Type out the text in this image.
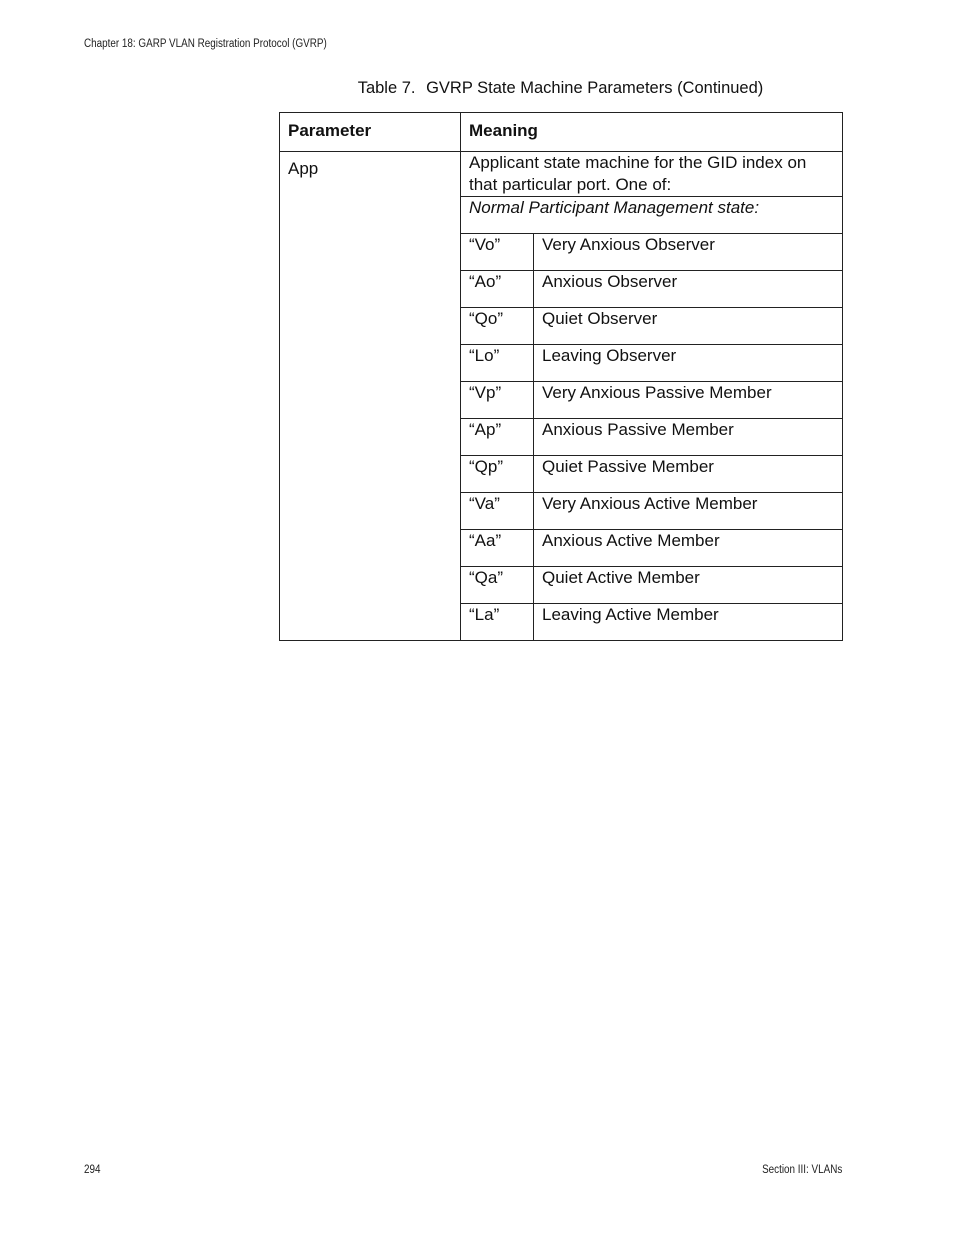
Chapter 18: GARP VLAN Registration Protocol (GVRP)
Table 7. GVRP State Machine Parameters (Continued)
Parameter	Meaning	
App	Applicant state machine for the GID index on that particular port. One of:	
	Normal Participant Management state:	
	“Vo”	Very Anxious Observer
	“Ao”	Anxious Observer
	“Qo”	Quiet Observer
	“Lo”	Leaving Observer
	“Vp”	Very Anxious Passive Member
	“Ap”	Anxious Passive Member
	“Qp”	Quiet Passive Member
	“Va”	Very Anxious Active Member
	“Aa”	Anxious Active Member
	“Qa”	Quiet Active Member
	“La”	Leaving Active Member
294	Section III: VLANs
